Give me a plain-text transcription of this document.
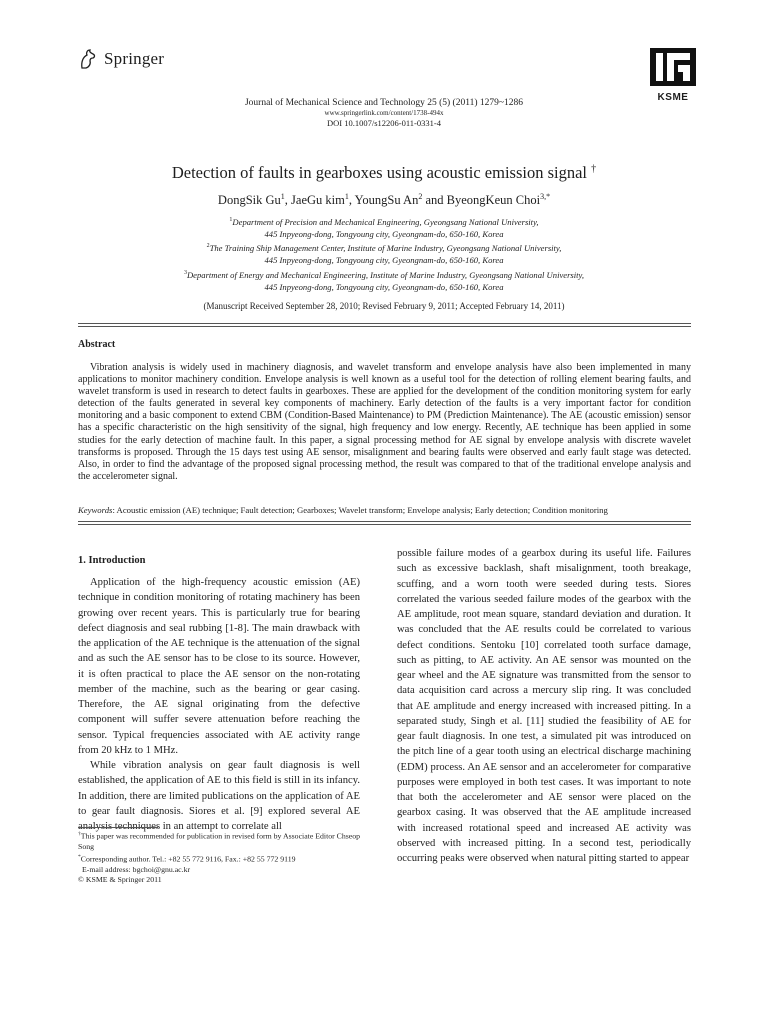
Springer
KSME
Journal of Mechanical Science and Technology 25 (5) (2011) 1279~1286
www.springerlink.com/content/1738-494x
DOI 10.1007/s12206-011-0331-4
Detection of faults in gearboxes using acoustic emission signal †
DongSik Gu$^1$, JaeGu kim$^1$, YoungSu An$^2$ and ByeongKeun Choi$^{3,*}$
$^1$Department of Precision and Mechanical Engineering, Gyeongsang National University,
445 Inpyeong-dong, Tongyoung city, Gyeongnam-do, 650-160, Korea
$^2$The Training Ship Management Center, Institute of Marine Industry, Gyeongsang National University,
445 Inpyeong-dong, Tongyoung city, Gyeongnam-do, 650-160, Korea
$^3$Department of Energy and Mechanical Engineering, Institute of Marine Industry, Gyeongsang National University,
445 Inpyeong-dong, Tongyoung city, Gyeongnam-do, 650-160, Korea
(Manuscript Received September 28, 2010; Revised February 9, 2011; Accepted February 14, 2011)
Abstract
Vibration analysis is widely used in machinery diagnosis, and wavelet transform and envelope analysis have also been implemented in many applications to monitor machinery condition. Envelope analysis is well known as a useful tool for the detection of rolling element bearing faults, and wavelet transform is used in research to detect faults in gearboxes. These are applied for the development of the condition monitoring system for early detection of the faults generated in several key components of machinery. Early detection of the faults is a very important factor for condition monitoring and a basic component to extend CBM (Condition-Based Maintenance) to PM (Prediction Maintenance). The AE (acoustic emission) sensor has a specific characteristic on the high sensitivity of the signal, high frequency and low energy. Recently, AE technique has been applied in some studies for the early detection of machine fault. In this paper, a signal processing method for AE signal by envelope analysis with discrete wavelet transforms is proposed. Through the 15 days test using AE sensor, misalignment and bearing faults were observed and early fault stage was detected. Also, in order to find the advantage of the proposed signal processing method, the result was compared to that of the traditional envelope analysis and the accelerometer signal.
Keywords: Acoustic emission (AE) technique; Fault detection; Gearboxes; Wavelet transform; Envelope analysis; Early detection; Condition monitoring
1. Introduction

Application of the high-frequency acoustic emission (AE) technique in condition monitoring of rotating machinery has been growing over recent years. This is particularly true for bearing defect diagnosis and seal rubbing [1-8]. The main drawback with the application of the AE technique is the attenuation of the signal and as such the AE sensor has to be close to its source. However, it is often practical to place the AE sensor on the non-rotating member of the machine, such as the bearing or gear casing. Therefore, the AE signal originating from the defective component will suffer severe attenuation before reaching the sensor. Typical frequencies associated with AE activity range from 20 kHz to 1 MHz.

While vibration analysis on gear fault diagnosis is well established, the application of AE to this field is still in its infancy. In addition, there are limited publications on the application of AE to gear fault diagnosis. Siores et al. [9] explored several AE analysis techniques in an attempt to correlate all

possible failure modes of a gearbox during its useful life. Failures such as excessive backlash, shaft misalignment, tooth breakage, scuffing, and a worn tooth were seeded during tests. Siores correlated the various seeded failure modes of the gearbox with the AE amplitude, root mean square, standard deviation and duration. It was concluded that the AE results could be correlated to various defect conditions. Sentoku [10] correlated tooth surface damage, such as pitting, to AE activity. An AE sensor was mounted on the gear wheel and the AE signature was transmitted from the sensor to data acquisition card across a mercury slip ring. It was concluded that AE amplitude and energy increased with increased pitting. In a separated study, Singh et al. [11] studied the feasibility of AE for gear fault diagnosis. In one test, a simulated pit was introduced on the pitch line of a gear tooth using an electrical discharge machining (EDM) process. An AE sensor and an accelerometer for comparative purposes were employed in both test cases. It was important to note that both the accelerometer and AE sensor were placed on the gearbox casing. It was observed that the AE amplitude increased with increased rotational speed and increased AE activity was observed with increased pitting. In a second test, periodically occurring peaks were observed when natural pitting started to appear

†This paper was recommended for publication in revised form by Associate Editor Chseop Song
*Corresponding author. Tel.: +82 55 772 9116, Fax.: +82 55 772 9119
E-mail address: bgchoi@gnu.ac.kr
© KSME & Springer 2011
